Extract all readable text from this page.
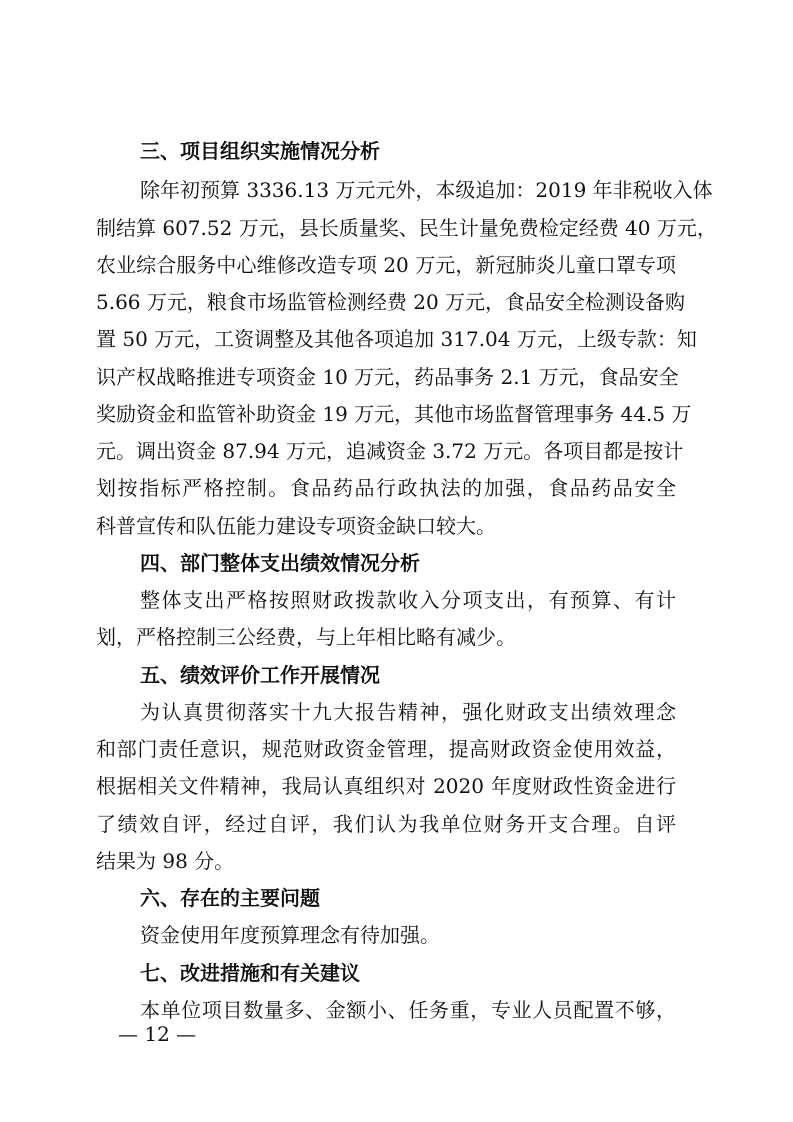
三、项目组织实施情况分析
除年初预算 3336.13 万元元外，本级追加：2019 年非税收入体
制结算 607.52 万元，县长质量奖、民生计量免费检定经费 40 万元，
农业综合服务中心维修改造专项 20 万元，新冠肺炎儿童口罩专项
5.66 万元，粮食市场监管检测经费 20 万元，食品安全检测设备购
置 50 万元，工资调整及其他各项追加 317.04 万元，上级专款：知
识产权战略推进专项资金 10 万元，药品事务 2.1 万元，食品安全
奖励资金和监管补助资金 19 万元，其他市场监督管理事务 44.5 万
元。调出资金 87.94 万元，追减资金 3.72 万元。各项目都是按计
划按指标严格控制。食品药品行政执法的加强，食品药品安全
科普宣传和队伍能力建设专项资金缺口较大。
四、部门整体支出绩效情况分析
整体支出严格按照财政拨款收入分项支出，有预算、有计
划，严格控制三公经费，与上年相比略有减少。
五、绩效评价工作开展情况
为认真贯彻落实十九大报告精神，强化财政支出绩效理念
和部门责任意识，规范财政资金管理，提高财政资金使用效益，
根据相关文件精神，我局认真组织对 2020 年度财政性资金进行
了绩效自评，经过自评，我们认为我单位财务开支合理。自评
结果为 98 分。
六、存在的主要问题
资金使用年度预算理念有待加强。
七、改进措施和有关建议
本单位项目数量多、金额小、任务重，专业人员配置不够，
— 12 —
